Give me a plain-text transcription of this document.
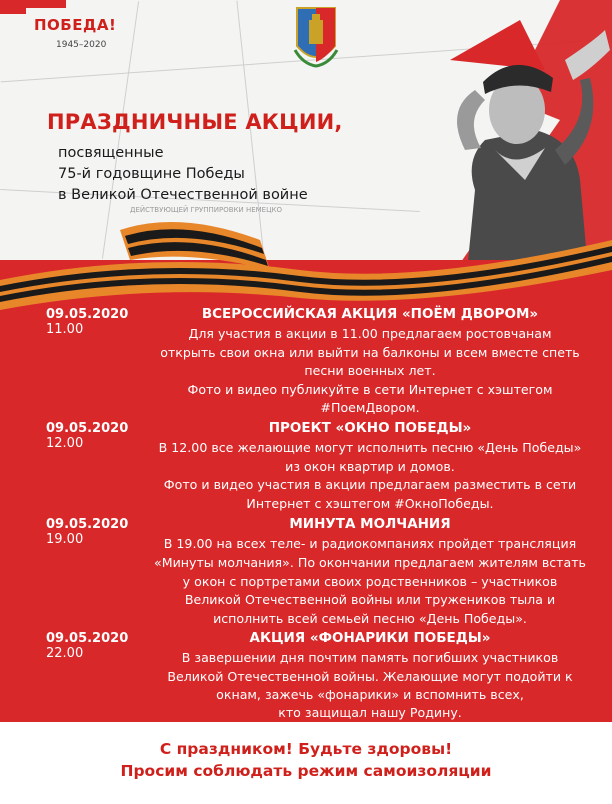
ДЕЙСТВУЮЩЕЙ ГРУППИРОВКИ НЕМЕЦКО
ПОБЕДА!
1945–2020
ПРАЗДНИЧНЫЕ АКЦИИ,
посвященные
75-й годовщине Победы
в Великой Отечественной войне
09.05.2020
11.00
ВСЕРОССИЙСКАЯ АКЦИЯ «ПОЁМ ДВОРОМ»
Для участия в акции в 11.00 предлагаем ростовчанам
открыть свои окна или выйти на балконы и всем вместе спеть
песни военных лет.
Фото и видео публикуйте в сети Интернет с хэштегом
#ПоемДвором.
09.05.2020
12.00
ПРОЕКТ «ОКНО ПОБЕДЫ»
В 12.00 все желающие могут исполнить песню «День Победы»
из окон квартир и домов.
Фото и видео участия в акции предлагаем разместить в сети
Интернет с хэштегом #ОкноПобеды.
09.05.2020
19.00
МИНУТА МОЛЧАНИЯ
В 19.00 на всех теле- и радиокомпаниях пройдет трансляция
«Минуты молчания». По окончании предлагаем жителям встать
у окон с портретами своих родственников – участников
Великой Отечественной войны или тружеников тыла и
исполнить всей семьей песню «День Победы».
09.05.2020
22.00
АКЦИЯ «ФОНАРИКИ ПОБЕДЫ»
В завершении дня почтим память погибших участников
Великой Отечественной войны. Желающие могут подойти к
окнам, зажечь «фонарики» и вспомнить всех,
кто защищал нашу Родину.
С праздником! Будьте здоровы!
Просим соблюдать режим самоизоляции
